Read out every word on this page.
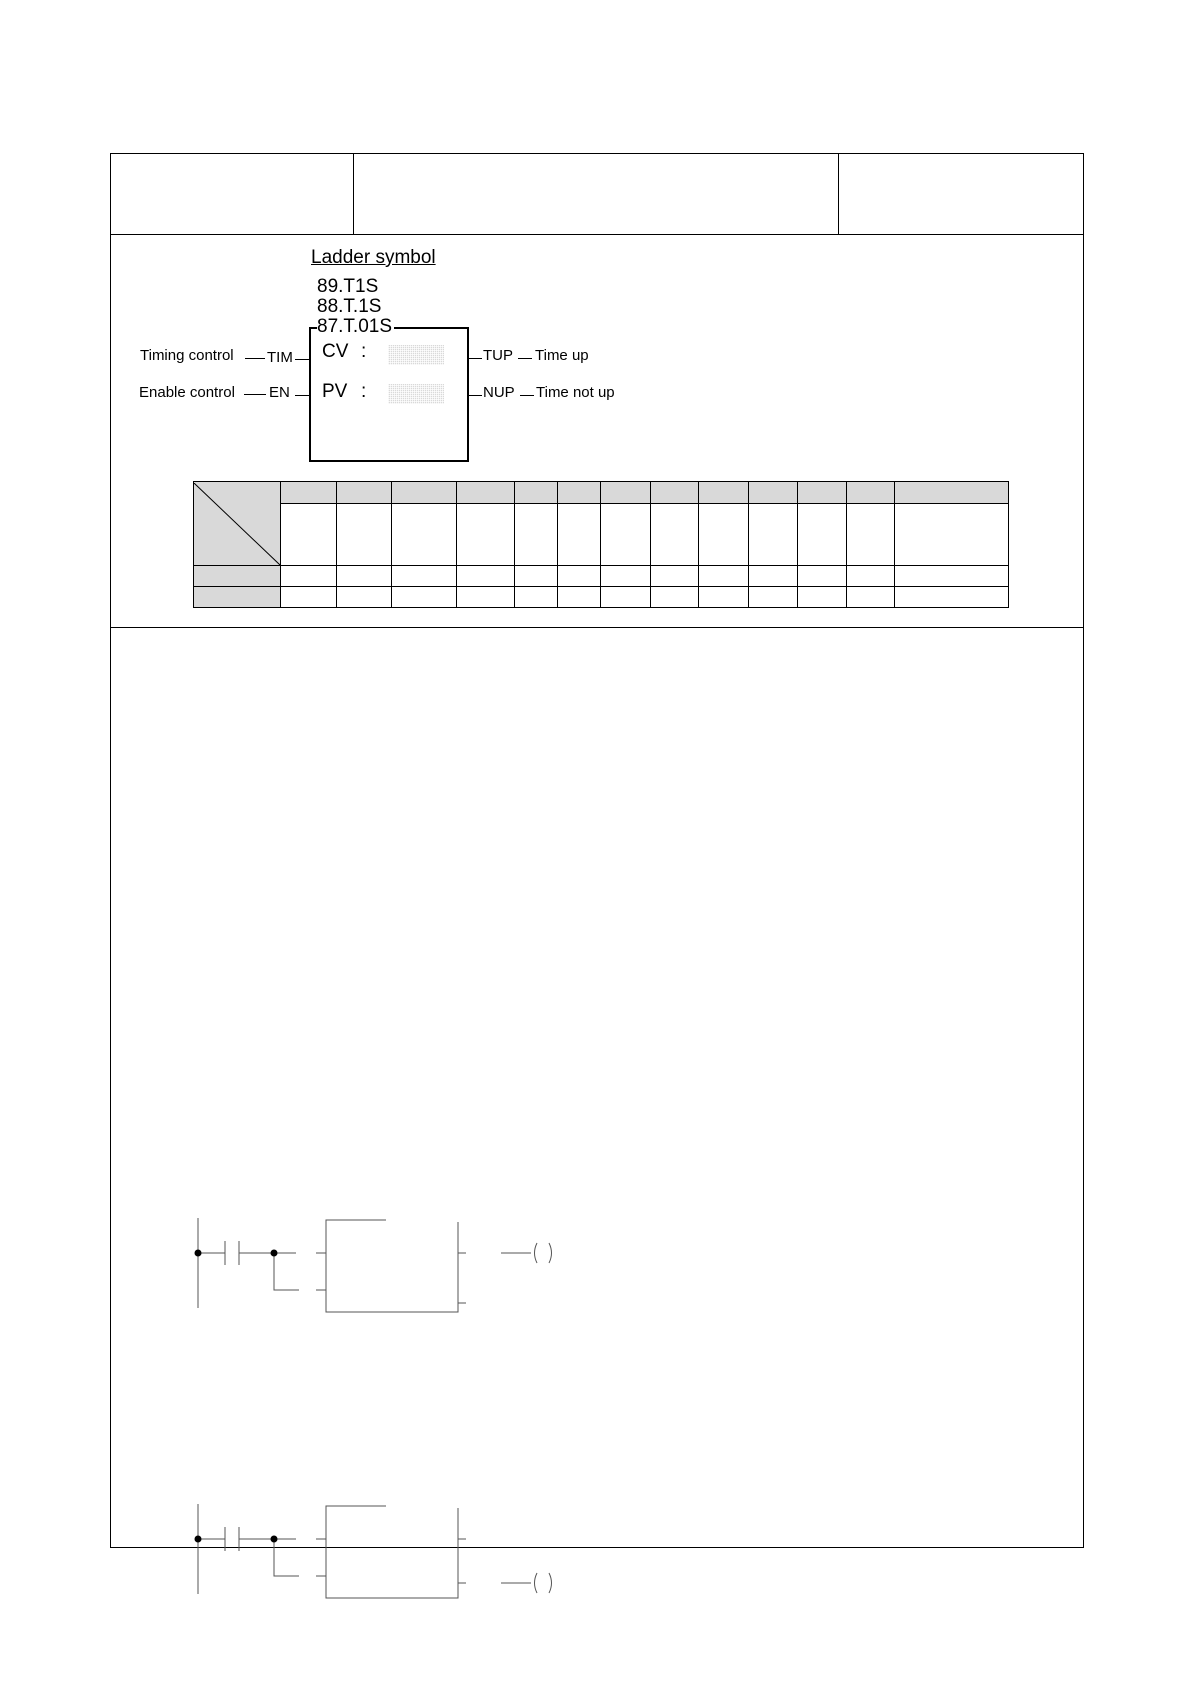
Ladder symbol
89.T1S
88.T.1S
87.T.01S
CV :
PV :
Timing control TIM
Enable control EN
TUP Time up
NUP Time not up
